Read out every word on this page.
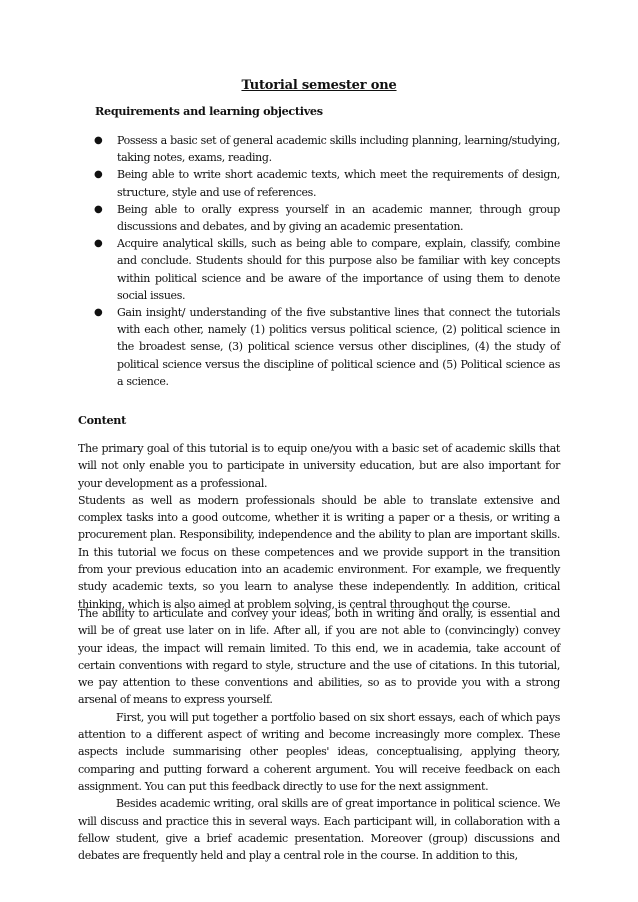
Tutorial semester one
Requirements and learning objectives
● Possess a basic set of general academic skills including planning, learning/studying, taking notes, exams, reading.
● Being able to write short academic texts, which meet the requirements of design, structure, style and use of references.
● Being able to orally express yourself in an academic manner, through group discussions and debates, and by giving an academic presentation.
● Acquire analytical skills, such as being able to compare, explain, classify, combine and conclude. Students should for this purpose also be familiar with key concepts within political science and be aware of the importance of using them to denote social issues.
● Gain insight/ understanding of the five substantive lines that connect the tutorials with each other, namely (1) politics versus political science, (2) political science in the broadest sense, (3) political science versus other disciplines, (4) the study of political science versus the discipline of political science and (5) Political science as a science.
Content
The primary goal of this tutorial is to equip one/you with a basic set of academic skills that will not only enable you to participate in university education, but are also important for your development as a professional.
Students as well as modern professionals should be able to translate extensive and complex tasks into a good outcome, whether it is writing a paper or a thesis, or writing a procurement plan. Responsibility, independence and the ability to plan are important skills. In this tutorial we focus on these competences and we provide support in the transition from your previous education into an academic environment. For example, we frequently study academic texts, so you learn to analyse these independently. In addition, critical thinking, which is also aimed at problem solving, is central throughout the course.
The ability to articulate and convey your ideas, both in writing and orally, is essential and will be of great use later on in life. After all, if you are not able to (convincingly) convey your ideas, the impact will remain limited. To this end, we in academia, take account of certain conventions with regard to style, structure and the use of citations. In this tutorial, we pay attention to these conventions and abilities, so as to provide you with a strong arsenal of means to express yourself.
First, you will put together a portfolio based on six short essays, each of which pays attention to a different aspect of writing and become increasingly more complex. These aspects include summarising other peoples' ideas, conceptualising, applying theory, comparing and putting forward a coherent argument. You will receive feedback on each assignment. You can put this feedback directly to use for the next assignment.
Besides academic writing, oral skills are of great importance in political science. We will discuss and practice this in several ways. Each participant will, in collaboration with a fellow student, give a brief academic presentation. Moreover (group) discussions and debates are frequently held and play a central role in the course. In addition to this,
